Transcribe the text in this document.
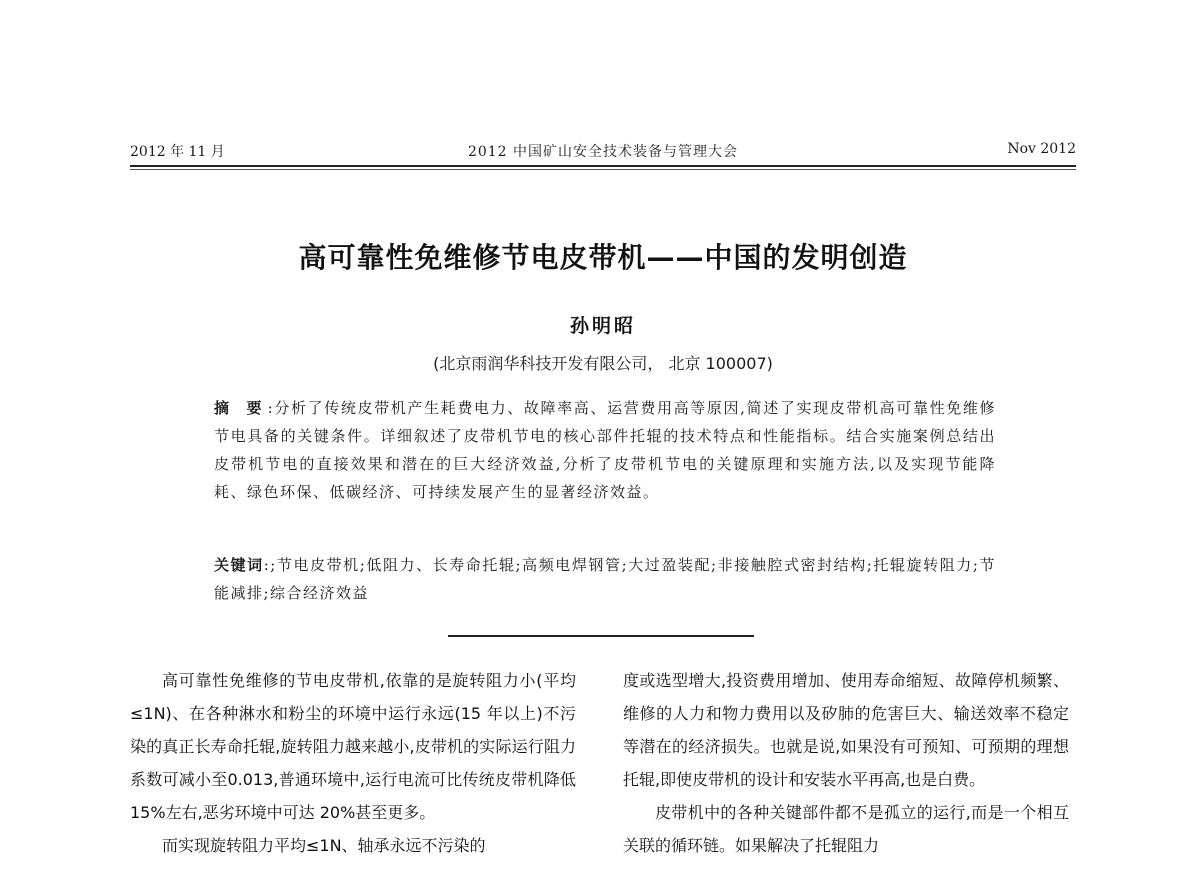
2012 年 11 月	2012 中国矿山安全技术装备与管理大会	Nov 2012
高可靠性免维修节电皮带机——中国的发明创造
孙明昭
(北京雨润华科技开发有限公司， 北京 100007)
摘 要:分析了传统皮带机产生耗费电力、故障率高、运营费用高等原因,简述了实现皮带机高可靠性免维修节电具备的关键条件。详细叙述了皮带机节电的核心部件托辊的技术特点和性能指标。结合实施案例总结出皮带机节电的直接效果和潜在的巨大经济效益,分析了皮带机节电的关键原理和实施方法,以及实现节能降耗、绿色环保、低碳经济、可持续发展产生的显著经济效益。
关键词:;节电皮带机;低阻力、长寿命托辊;高频电焊钢管;大过盈装配;非接触腔式密封结构;托辊旋转阻力;节能减排;综合经济效益

高可靠性免维修的节电皮带机,依靠的是旋转阻力小(平均≤1N)、在各种淋水和粉尘的环境中运行永远(15 年以上)不污染的真正长寿命托辊,旋转阻力越来越小,皮带机的实际运行阻力系数可减小至0.013,普通环境中,运行电流可比传统皮带机降低 15%左右,恶劣环境中可达 20%甚至更多。

而实现旋转阻力平均≤1N、轴承永远不污染的

度或选型增大,投资费用增加、使用寿命缩短、故障停机频繁、维修的人力和物力费用以及矽肺的危害巨大、输送效率不稳定等潜在的经济损失。也就是说,如果没有可预知、可预期的理想托辊,即使皮带机的设计和安装水平再高,也是白费。

皮带机中的各种关键部件都不是孤立的运行,而是一个相互关联的循环链。如果解决了托辊阻力
